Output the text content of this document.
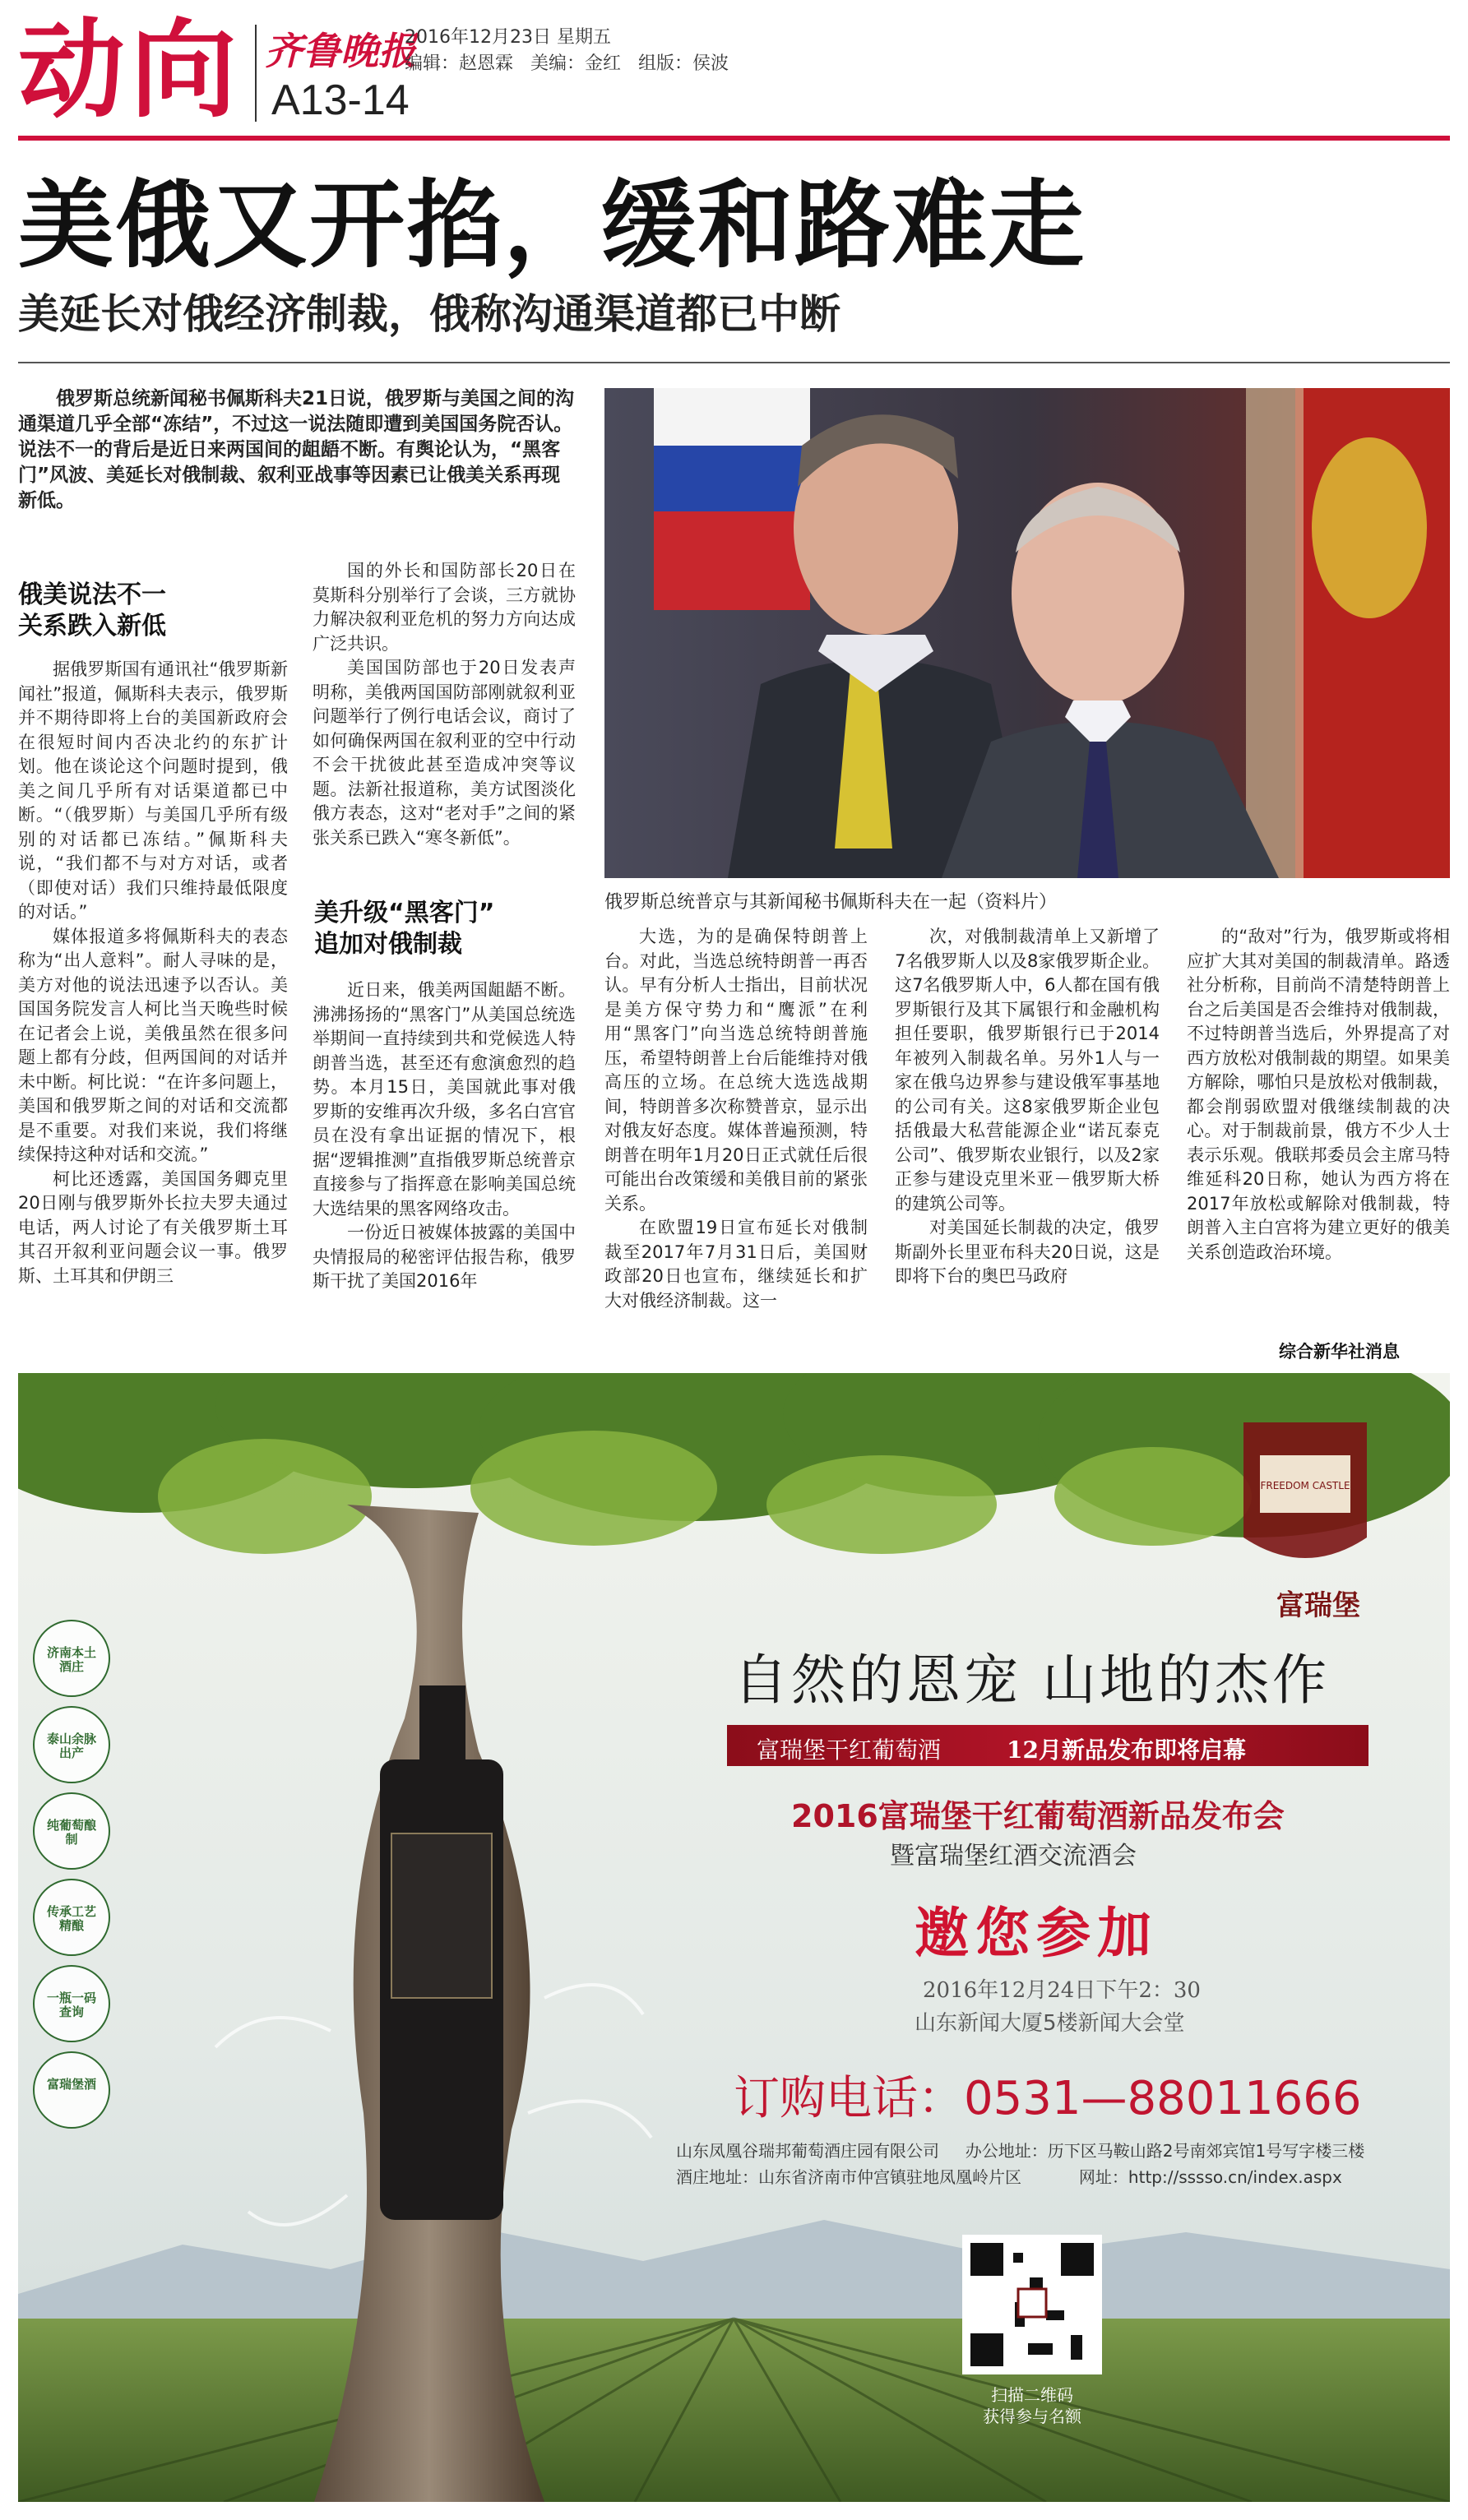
动向 齐鲁晚报
A13-14
2016年12月23日 星期五
编辑：赵恩霖   美编：金红   组版：侯波
美俄又开掐，缓和路难走
美延长对俄经济制裁，俄称沟通渠道都已中断
俄罗斯总统新闻秘书佩斯科夫21日说，俄罗斯与美国之间的沟通渠道几乎全部“冻结”，不过这一说法随即遭到美国国务院否认。说法不一的背后是近日来两国间的龃龉不断。有舆论认为，“黑客门”风波、美延长对俄制裁、叙利亚战事等因素已让俄美关系再现新低。
俄美说法不一
关系跌入新低

据俄罗斯国有通讯社“俄罗斯新闻社”报道，佩斯科夫表示，俄罗斯并不期待即将上台的美国新政府会在很短时间内否决北约的东扩计划。他在谈论这个问题时提到，俄美之间几乎所有对话渠道都已中断。“（俄罗斯）与美国几乎所有级别的对话都已冻结。”佩斯科夫说，“我们都不与对方对话，或者（即使对话）我们只维持最低限度的对话。”

媒体报道多将佩斯科夫的表态称为“出人意料”。耐人寻味的是，美方对他的说法迅速予以否认。美国国务院发言人柯比当天晚些时候在记者会上说，美俄虽然在很多问题上都有分歧，但两国间的对话并未中断。柯比说：“在许多问题上，美国和俄罗斯之间的对话和交流都是不重要。对我们来说，我们将继续保持这种对话和交流。”

柯比还透露，美国国务卿克里20日刚与俄罗斯外长拉夫罗夫通过电话，两人讨论了有关俄罗斯土耳其召开叙利亚问题会议一事。俄罗斯、土耳其和伊朗三

国的外长和国防部长20日在莫斯科分别举行了会谈，三方就协力解决叙利亚危机的努力方向达成广泛共识。

美国国防部也于20日发表声明称，美俄两国国防部刚就叙利亚问题举行了例行电话会议，商讨了如何确保两国在叙利亚的空中行动不会干扰彼此甚至造成冲突等议题。法新社报道称，美方试图淡化俄方表态，这对“老对手”之间的紧张关系已跌入“寒冬新低”。

美升级“黑客门”
追加对俄制裁

近日来，俄美两国龃龉不断。沸沸扬扬的“黑客门”从美国总统选举期间一直持续到共和党候选人特朗普当选，甚至还有愈演愈烈的趋势。本月15日，美国就此事对俄罗斯的安维再次升级，多名白宫官员在没有拿出证据的情况下，根据“逻辑推测”直指俄罗斯总统普京直接参与了指挥意在影响美国总统大选结果的黑客网络攻击。

一份近日被媒体披露的美国中央情报局的秘密评估报告称，俄罗斯干扰了美国2016年

俄罗斯总统普京与其新闻秘书佩斯科夫在一起（资料片）

大选，为的是确保特朗普上台。对此，当选总统特朗普一再否认。早有分析人士指出，目前状况是美方保守势力和“鹰派”在利用“黑客门”向当选总统特朗普施压，希望特朗普上台后能维持对俄高压的立场。在总统大选选战期间，特朗普多次称赞普京，显示出对俄友好态度。媒体普遍预测，特朗普在明年1月20日正式就任后很可能出台改策缓和美俄目前的紧张关系。

在欧盟19日宣布延长对俄制裁至2017年7月31日后，美国财政部20日也宣布，继续延长和扩大对俄经济制裁。这一

次，对俄制裁清单上又新增了7名俄罗斯人以及8家俄罗斯企业。这7名俄罗斯人中，6人都在国有俄罗斯银行及其下属银行和金融机构担任要职，俄罗斯银行已于2014年被列入制裁名单。另外1人与一家在俄乌边界参与建设俄军事基地的公司有关。这8家俄罗斯企业包括俄最大私营能源企业“诺瓦泰克公司”、俄罗斯农业银行，以及2家正参与建设克里米亚－俄罗斯大桥的建筑公司等。

对美国延长制裁的决定，俄罗斯副外长里亚布科夫20日说，这是即将下台的奥巴马政府

的“敌对”行为，俄罗斯或将相应扩大其对美国的制裁清单。路透社分析称，目前尚不清楚特朗普上台之后美国是否会维持对俄制裁，不过特朗普当选后，外界提高了对西方放松对俄制裁的期望。如果美方解除，哪怕只是放松对俄制裁，都会削弱欧盟对俄继续制裁的决心。对于制裁前景，俄方不少人士表示乐观。俄联邦委员会主席马特维延科20日称，她认为西方将在2017年放松或解除对俄制裁，特朗普入主白宫将为建立更好的俄美关系创造政治环境。

综合新华社消息
济南本土酒庄
泰山余脉出产
纯葡萄酿制
传承工艺精酿
一瓶一码查询
富瑞堡酒
富瑞堡
FREEDOM CASTLE
自然的恩宠 山地的杰作
富瑞堡干红葡萄酒	12月新品发布即将启幕
2016富瑞堡干红葡萄酒新品发布会
暨富瑞堡红酒交流酒会
邀您参加
2016年12月24日下午2：30
山东新闻大厦5楼新闻大会堂
订购电话：0531—88011666
山东凤凰谷瑞邦葡萄酒庄园有限公司     办公地址：历下区马鞍山路2号南郊宾馆1号写字楼三楼
酒庄地址：山东省济南市仲宫镇驻地凤凰岭片区           网址：http://sssso.cn/index.aspx
扫描二维码
获得参与名额
